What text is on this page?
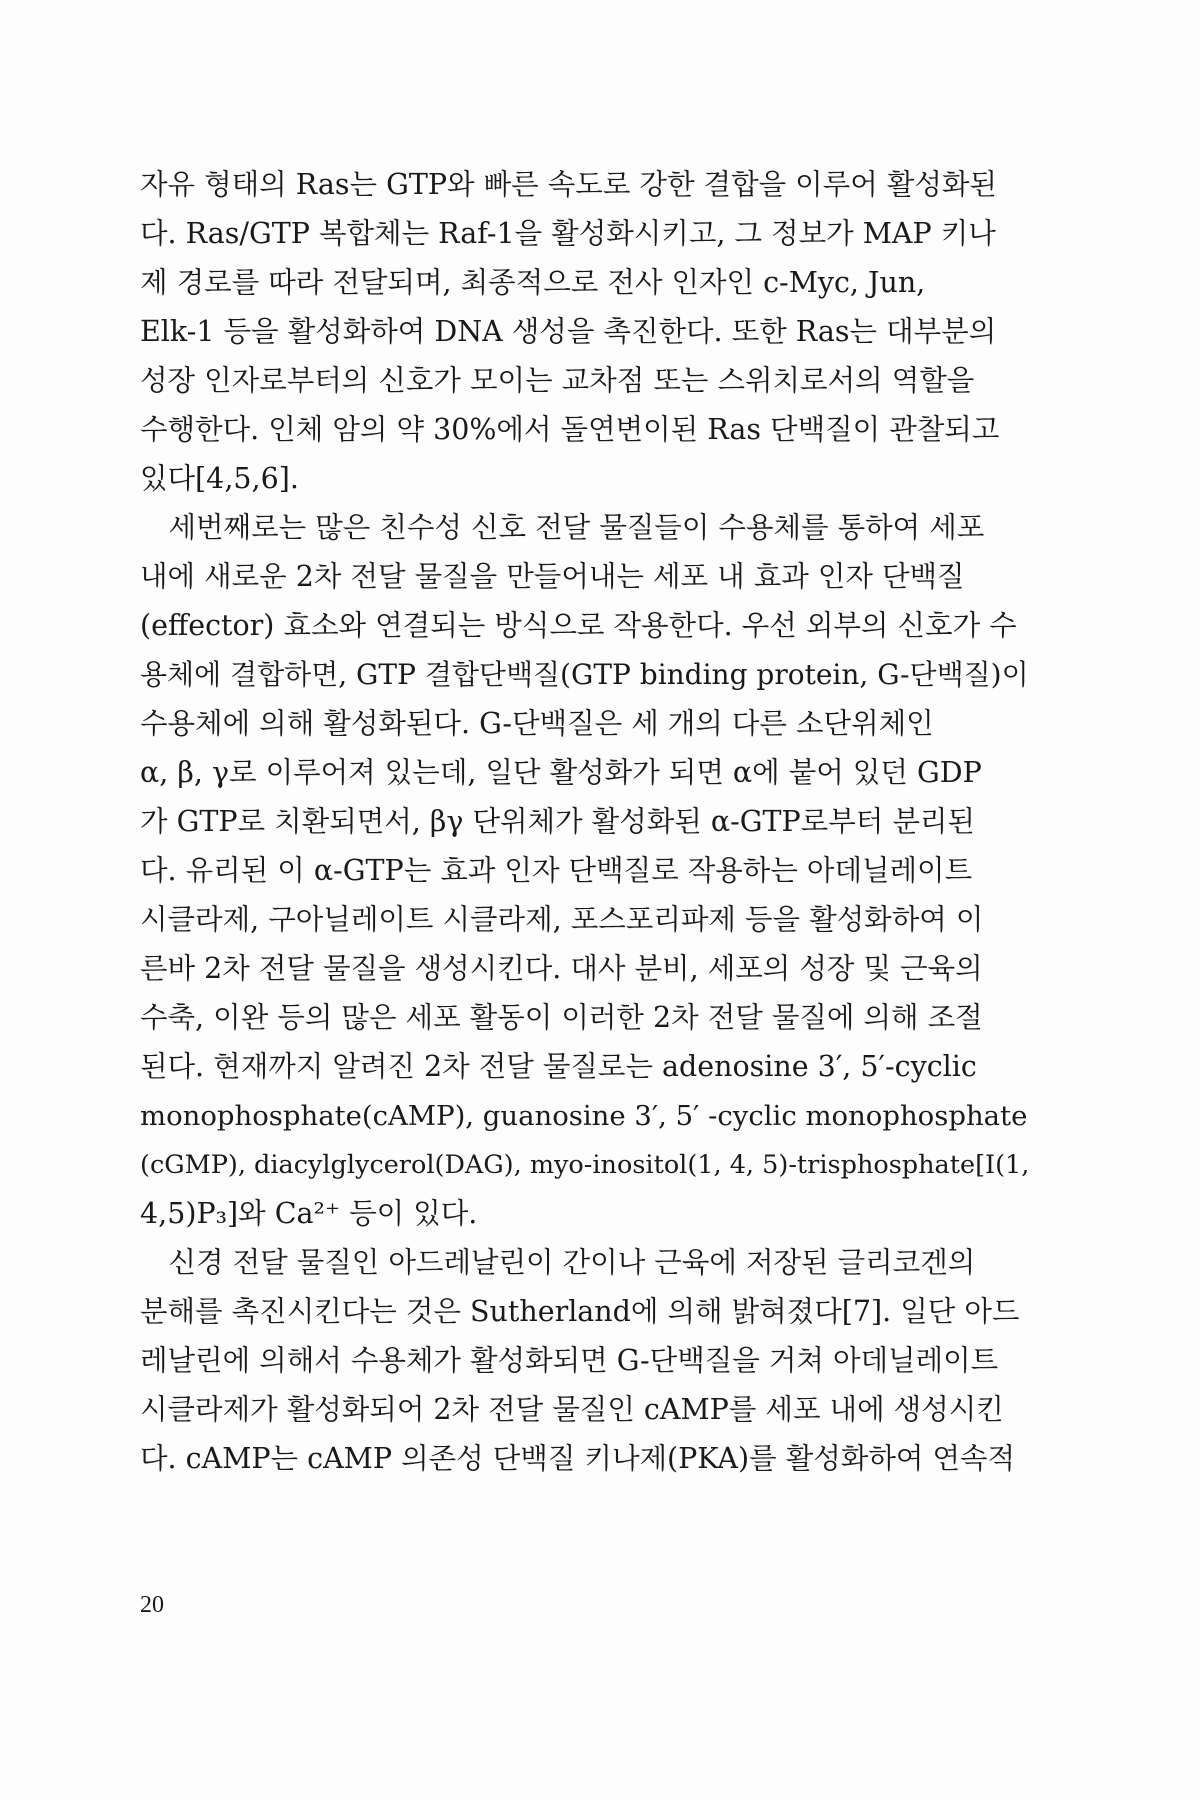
자유 형태의 Ras는 GTP와 빠른 속도로 강한 결합을 이루어 활성화된
다. Ras/GTP 복합체는 Raf-1을 활성화시키고, 그 정보가 MAP 키나
제 경로를 따라 전달되며, 최종적으로 전사 인자인 c-Myc, Jun,
Elk-1 등을 활성화하여 DNA 생성을 촉진한다. 또한 Ras는 대부분의
성장 인자로부터의 신호가 모이는 교차점 또는 스위치로서의 역할을
수행한다. 인체 암의 약 30%에서 돌연변이된 Ras 단백질이 관찰되고
있다[4,5,6].
　세번째로는 많은 친수성 신호 전달 물질들이 수용체를 통하여 세포
내에 새로운 2차 전달 물질을 만들어내는 세포 내 효과 인자 단백질
(effector) 효소와 연결되는 방식으로 작용한다. 우선 외부의 신호가 수
용체에 결합하면, GTP 결합단백질(GTP binding protein, G-단백질)이
수용체에 의해 활성화된다. G-단백질은 세 개의 다른 소단위체인
α, β, γ로 이루어져 있는데, 일단 활성화가 되면 α에 붙어 있던 GDP
가 GTP로 치환되면서, βγ 단위체가 활성화된 α-GTP로부터 분리된
다. 유리된 이 α-GTP는 효과 인자 단백질로 작용하는 아데닐레이트
시클라제, 구아닐레이트 시클라제, 포스포리파제 등을 활성화하여 이
른바 2차 전달 물질을 생성시킨다. 대사 분비, 세포의 성장 및 근육의
수축, 이완 등의 많은 세포 활동이 이러한 2차 전달 물질에 의해 조절
된다. 현재까지 알려진 2차 전달 물질로는 adenosine 3′, 5′-cyclic
monophosphate(cAMP), guanosine 3′, 5′ -cyclic monophosphate
(cGMP), diacylglycerol(DAG), myo-inositol(1, 4, 5)-trisphosphate[I(1,
4,5)P₃]와 Ca²⁺ 등이 있다.
　신경 전달 물질인 아드레날린이 간이나 근육에 저장된 글리코겐의
분해를 촉진시킨다는 것은 Sutherland에 의해 밝혀졌다[7]. 일단 아드
레날린에 의해서 수용체가 활성화되면 G-단백질을 거쳐 아데닐레이트
시클라제가 활성화되어 2차 전달 물질인 cAMP를 세포 내에 생성시킨
다. cAMP는 cAMP 의존성 단백질 키나제(PKA)를 활성화하여 연속적
20
